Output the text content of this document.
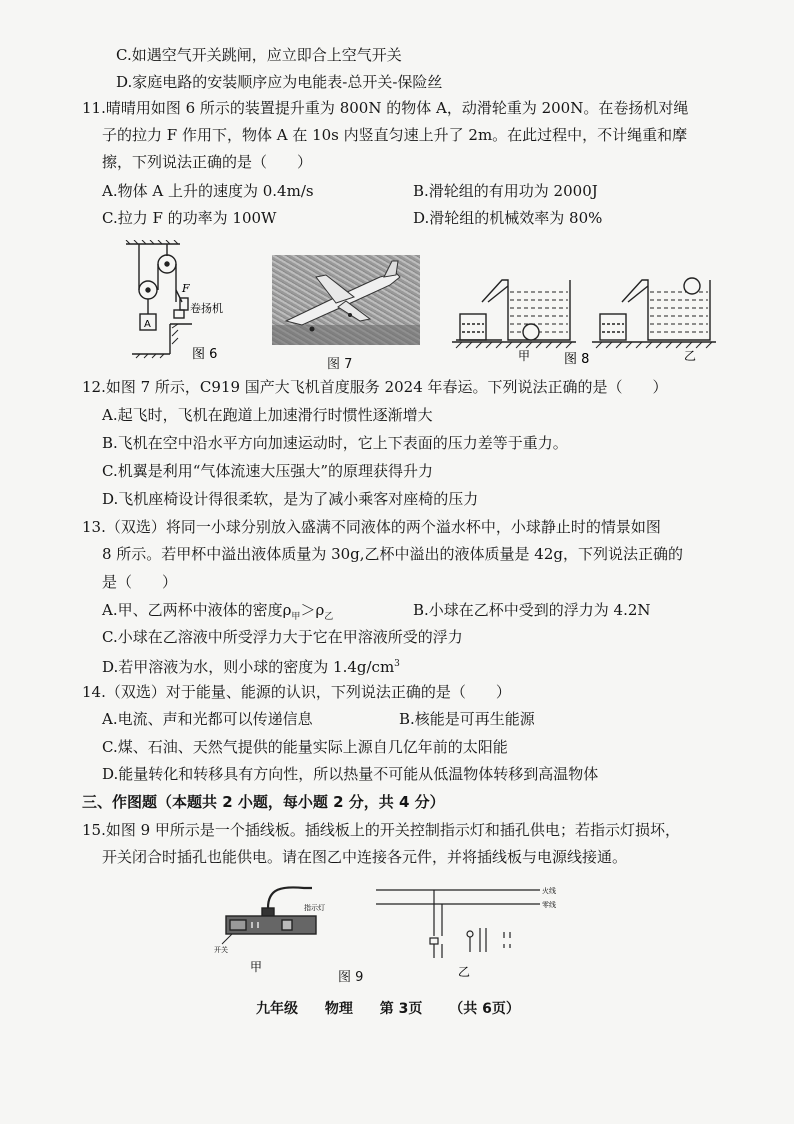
C.如遇空气开关跳闸，应立即合上空气开关
D.家庭电路的安装顺序应为电能表-总开关-保险丝
11.晴晴用如图 6 所示的装置提升重为 800N 的物体 A，动滑轮重为 200N。在卷扬机对绳
子的拉力 F 作用下，物体 A 在 10s 内竖直匀速上升了 2m。在此过程中，不计绳重和摩
擦，下列说法正确的是（　　）
A.物体 A 上升的速度为 0.4m/s	B.滑轮组的有用功为 2000J
C.拉力 F 的功率为 100W	D.滑轮组的机械效率为 80%
F
卷扬机
A
图 6
图 7
甲	图 8	乙
12.如图 7 所示，C919 国产大飞机首度服务 2024 年春运。下列说法正确的是（　　）
A.起飞时，飞机在跑道上加速滑行时惯性逐渐增大
B.飞机在空中沿水平方向加速运动时，它上下表面的压力差等于重力。
C.机翼是利用“气体流速大压强大”的原理获得升力
D.飞机座椅设计得很柔软，是为了减小乘客对座椅的压力
13.（双选）将同一小球分别放入盛满不同液体的两个溢水杯中，小球静止时的情景如图
8 所示。若甲杯中溢出液体质量为 30g,乙杯中溢出的液体质量是 42g，下列说法正确的
是（　　）
A.甲、乙两杯中液体的密度$\rho_甲>\rho_乙$	B.小球在乙杯中受到的浮力为 4.2N
C.小球在乙溶液中所受浮力大于它在甲溶液所受的浮力
D.若甲溶液为水，则小球的密度为 $1.4g/cm^3$
14.（双选）对于能量、能源的认识，下列说法正确的是（　　）
A.电流、声和光都可以传递信息	B.核能是可再生能源
C.煤、石油、天然气提供的能量实际上源自几亿年前的太阳能
D.能量转化和转移具有方向性，所以热量不可能从低温物体转移到高温物体
三、作图题（本题共 2 小题，每小题 2 分，共 4 分）
15.如图 9 甲所示是一个插线板。插线板上的开关控制指示灯和插孔供电；若指示灯损坏，
开关闭合时插孔也能供电。请在图乙中连接各元件，并将插线板与电源线接通。
指示灯
开关
甲
火线
零线
乙
图 9
九年级 物理 第 3页 （共 6页）
